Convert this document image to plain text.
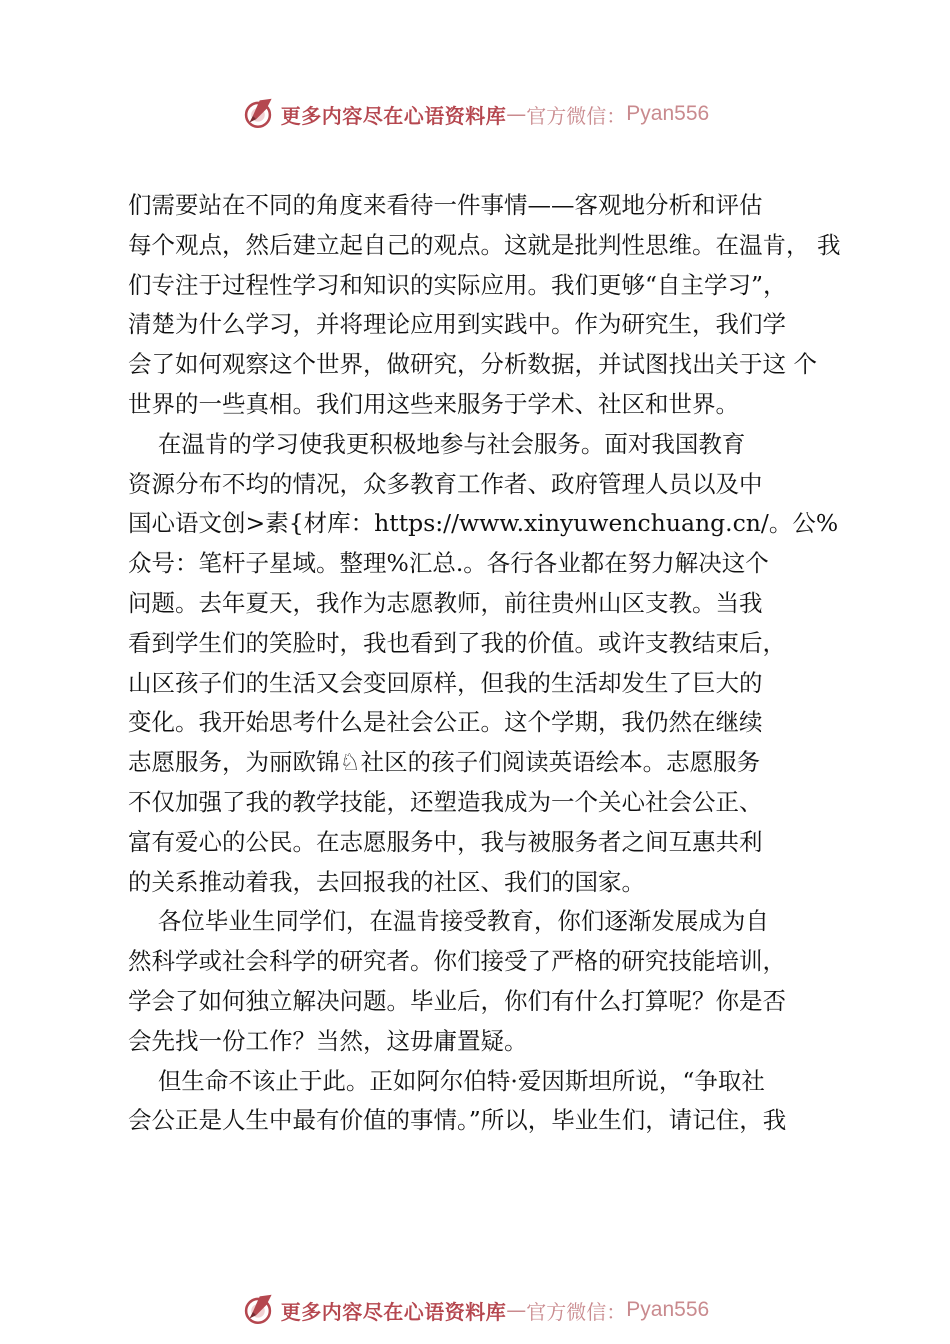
更多内容尽在心语资料库 — 官方微信： Pyan556
们需要站在不同的角度来看待一件事情——客观地分析和评估
每个观点，然后建立起自己的观点。这就是批判性思维。在温肯， 我
们专注于过程性学习和知识的实际应用。我们更够“自主学习”，
清楚为什么学习，并将理论应用到实践中。作为研究生，我们学
会了如何观察这个世界，做研究，分析数据，并试图找出关于这 个
世界的一些真相。我们用这些来服务于学术、社区和世界。
在温肯的学习使我更积极地参与社会服务。面对我国教育
资源分布不均的情况，众多教育工作者、政府管理人员以及中
国心语文创>素{材库：https://www.xinyuwenchuang.cn/。公%
众号：笔杆子星域。整理%汇总.。各行各业都在努力解决这个
问题。去年夏天，我作为志愿教师，前往贵州山区支教。当我
看到学生们的笑脸时，我也看到了我的价值。或许支教结束后，
山区孩子们的生活又会变回原样，但我的生活却发生了巨大的
变化。我开始思考什么是社会公正。这个学期，我仍然在继续
志愿服务，为丽欧锦♘社区的孩子们阅读英语绘本。志愿服务
不仅加强了我的教学技能，还塑造我成为一个关心社会公正、
富有爱心的公民。在志愿服务中，我与被服务者之间互惠共利
的关系推动着我，去回报我的社区、我们的国家。
各位毕业生同学们，在温肯接受教育，你们逐渐发展成为自
然科学或社会科学的研究者。你们接受了严格的研究技能培训，
学会了如何独立解决问题。毕业后，你们有什么打算呢？你是否
会先找一份工作？当然，这毋庸置疑。
但生命不该止于此。正如阿尔伯特·爱因斯坦所说，“争取社
会公正是人生中最有价值的事情。”所以，毕业生们，请记住，我
更多内容尽在心语资料库 — 官方微信： Pyan556
